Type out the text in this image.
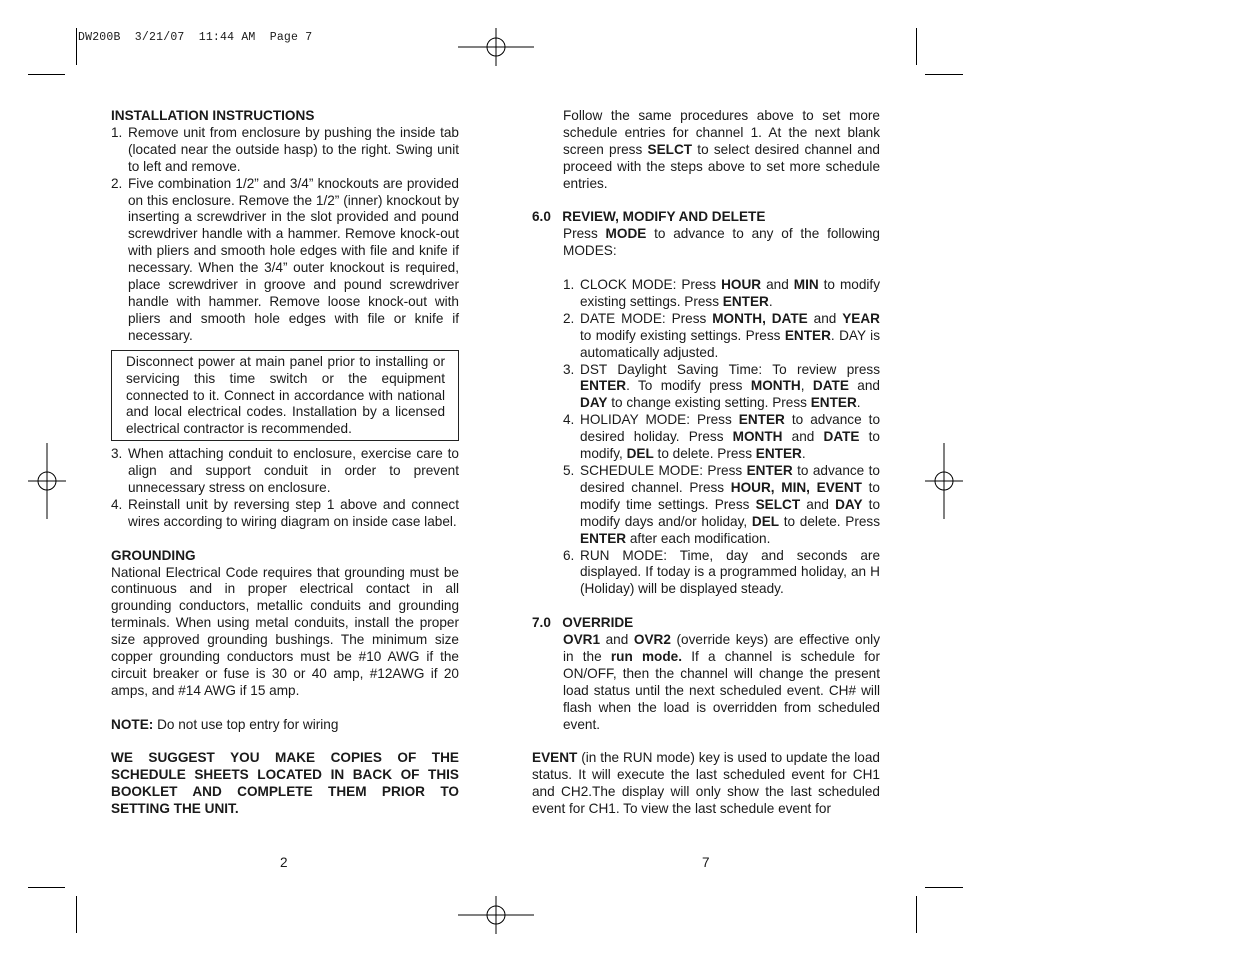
DW200B  3/21/07  11:44 AM  Page 7

INSTALLATION INSTRUCTIONS

1. Remove unit from enclosure by pushing the inside tab (located near the outside hasp) to the right. Swing unit to left and remove.
2. Five combination 1/2” and 3/4” knockouts are provided on this enclosure. Remove the 1/2” (inner) knockout by inserting a screwdriver in the slot provided and pound screwdriver handle with a hammer. Remove knock-out with pliers and smooth hole edges with file and knife if necessary. When the 3/4” outer knockout is required, place screwdriver in groove and pound screwdriver handle with hammer. Remove loose knock-out with pliers and smooth hole edges with file or knife if necessary.
Disconnect power at main panel prior to installing or servicing this time switch or the equipment connected to it. Connect in accordance with national and local electrical codes. Installation by a licensed electrical contractor is recommended.
3. When attaching conduit to enclosure, exercise care to align and support conduit in order to prevent unnecessary stress on enclosure.
4. Reinstall unit by reversing step 1 above and connect wires according to wiring diagram on inside case label.

GROUNDING

National Electrical Code requires that grounding must be continuous and in proper electrical contact in all grounding conductors, metallic conduits and grounding terminals. When using metal conduits, install the proper size approved grounding bushings. The minimum size copper grounding conductors must be #10 AWG if the circuit breaker or fuse is 30 or 40 amp, #12AWG if 20 amps, and #14 AWG if 15 amp.

NOTE: Do not use top entry for wiring

WE SUGGEST YOU MAKE COPIES OF THE SCHEDULE SHEETS LOCATED IN BACK OF THIS BOOKLET AND COMPLETE THEM PRIOR TO SETTING THE UNIT.

2

Follow the same procedures above to set more schedule entries for channel 1. At the next blank screen press SELCT to select desired channel and proceed with the steps above to set more schedule entries.

6.0 REVIEW, MODIFY AND DELETE

Press MODE to advance to any of the following MODES:

1. CLOCK MODE: Press HOUR and MIN to modify existing settings. Press ENTER.
2. DATE MODE: Press MONTH, DATE and YEAR to modify existing settings. Press ENTER. DAY is automatically adjusted.
3. DST Daylight Saving Time: To review press ENTER. To modify press MONTH, DATE and DAY to change existing setting. Press ENTER.
4. HOLIDAY MODE: Press ENTER to advance to desired holiday. Press MONTH and DATE to modify, DEL to delete. Press ENTER.
5. SCHEDULE MODE: Press ENTER to advance to desired channel. Press HOUR, MIN, EVENT to modify time settings. Press SELCT and DAY to modify days and/or holiday, DEL to delete. Press ENTER after each modification.
6. RUN MODE: Time, day and seconds are displayed. If today is a programmed holiday, an H (Holiday) will be displayed steady.

7.0 OVERRIDE

OVR1 and OVR2 (override keys) are effective only in the run mode. If a channel is schedule for ON/OFF, then the channel will change the present load status until the next scheduled event. CH# will flash when the load is overridden from scheduled event.

EVENT (in the RUN mode) key is used to update the load status. It will execute the last scheduled event for CH1 and CH2.The display will only show the last scheduled event for CH1. To view the last schedule event for

7
